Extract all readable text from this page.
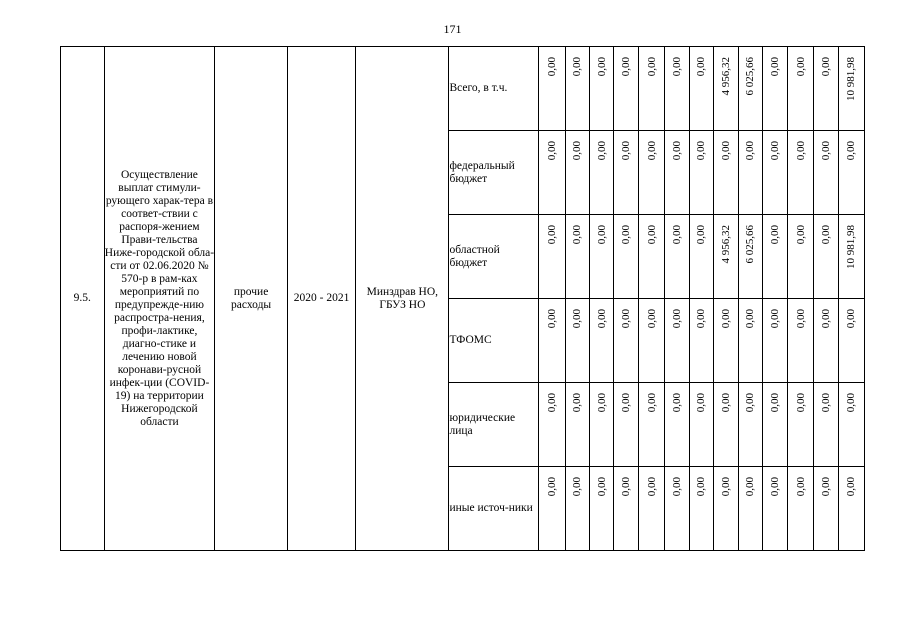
171
9.5.	Осуществление выплат стимули-рующего харак-тера в соответ-ствии с распоря-жением Прави-тельства Ниже-городской обла-сти от 02.06.2020 № 570-р в рам-ках мероприятий по предупрежде-нию распростра-нения, профи-лактике, диагно-стике и лечению новой коронави-русной инфек-ции (COVID-19) на территории Нижегородской области	прочие расходы	2020 - 2021	Минздрав НО, ГБУЗ НО	Всего, в т.ч.	0,00	0,00	0,00	0,00	0,00	0,00	0,00	4 956,32	6 025,66	0,00	0,00	0,00	10 981,98

					федеральный бюджет	0,00	0,00	0,00	0,00	0,00	0,00	0,00	0,00	0,00	0,00	0,00	0,00	0,00

					областной бюджет	0,00	0,00	0,00	0,00	0,00	0,00	0,00	4 956,32	6 025,66	0,00	0,00	0,00	10 981,98

					ТФОМС	0,00	0,00	0,00	0,00	0,00	0,00	0,00	0,00	0,00	0,00	0,00	0,00	0,00

					юридические лица	0,00	0,00	0,00	0,00	0,00	0,00	0,00	0,00	0,00	0,00	0,00	0,00	0,00

					иные источ-ники	0,00	0,00	0,00	0,00	0,00	0,00	0,00	0,00	0,00	0,00	0,00	0,00	0,00
